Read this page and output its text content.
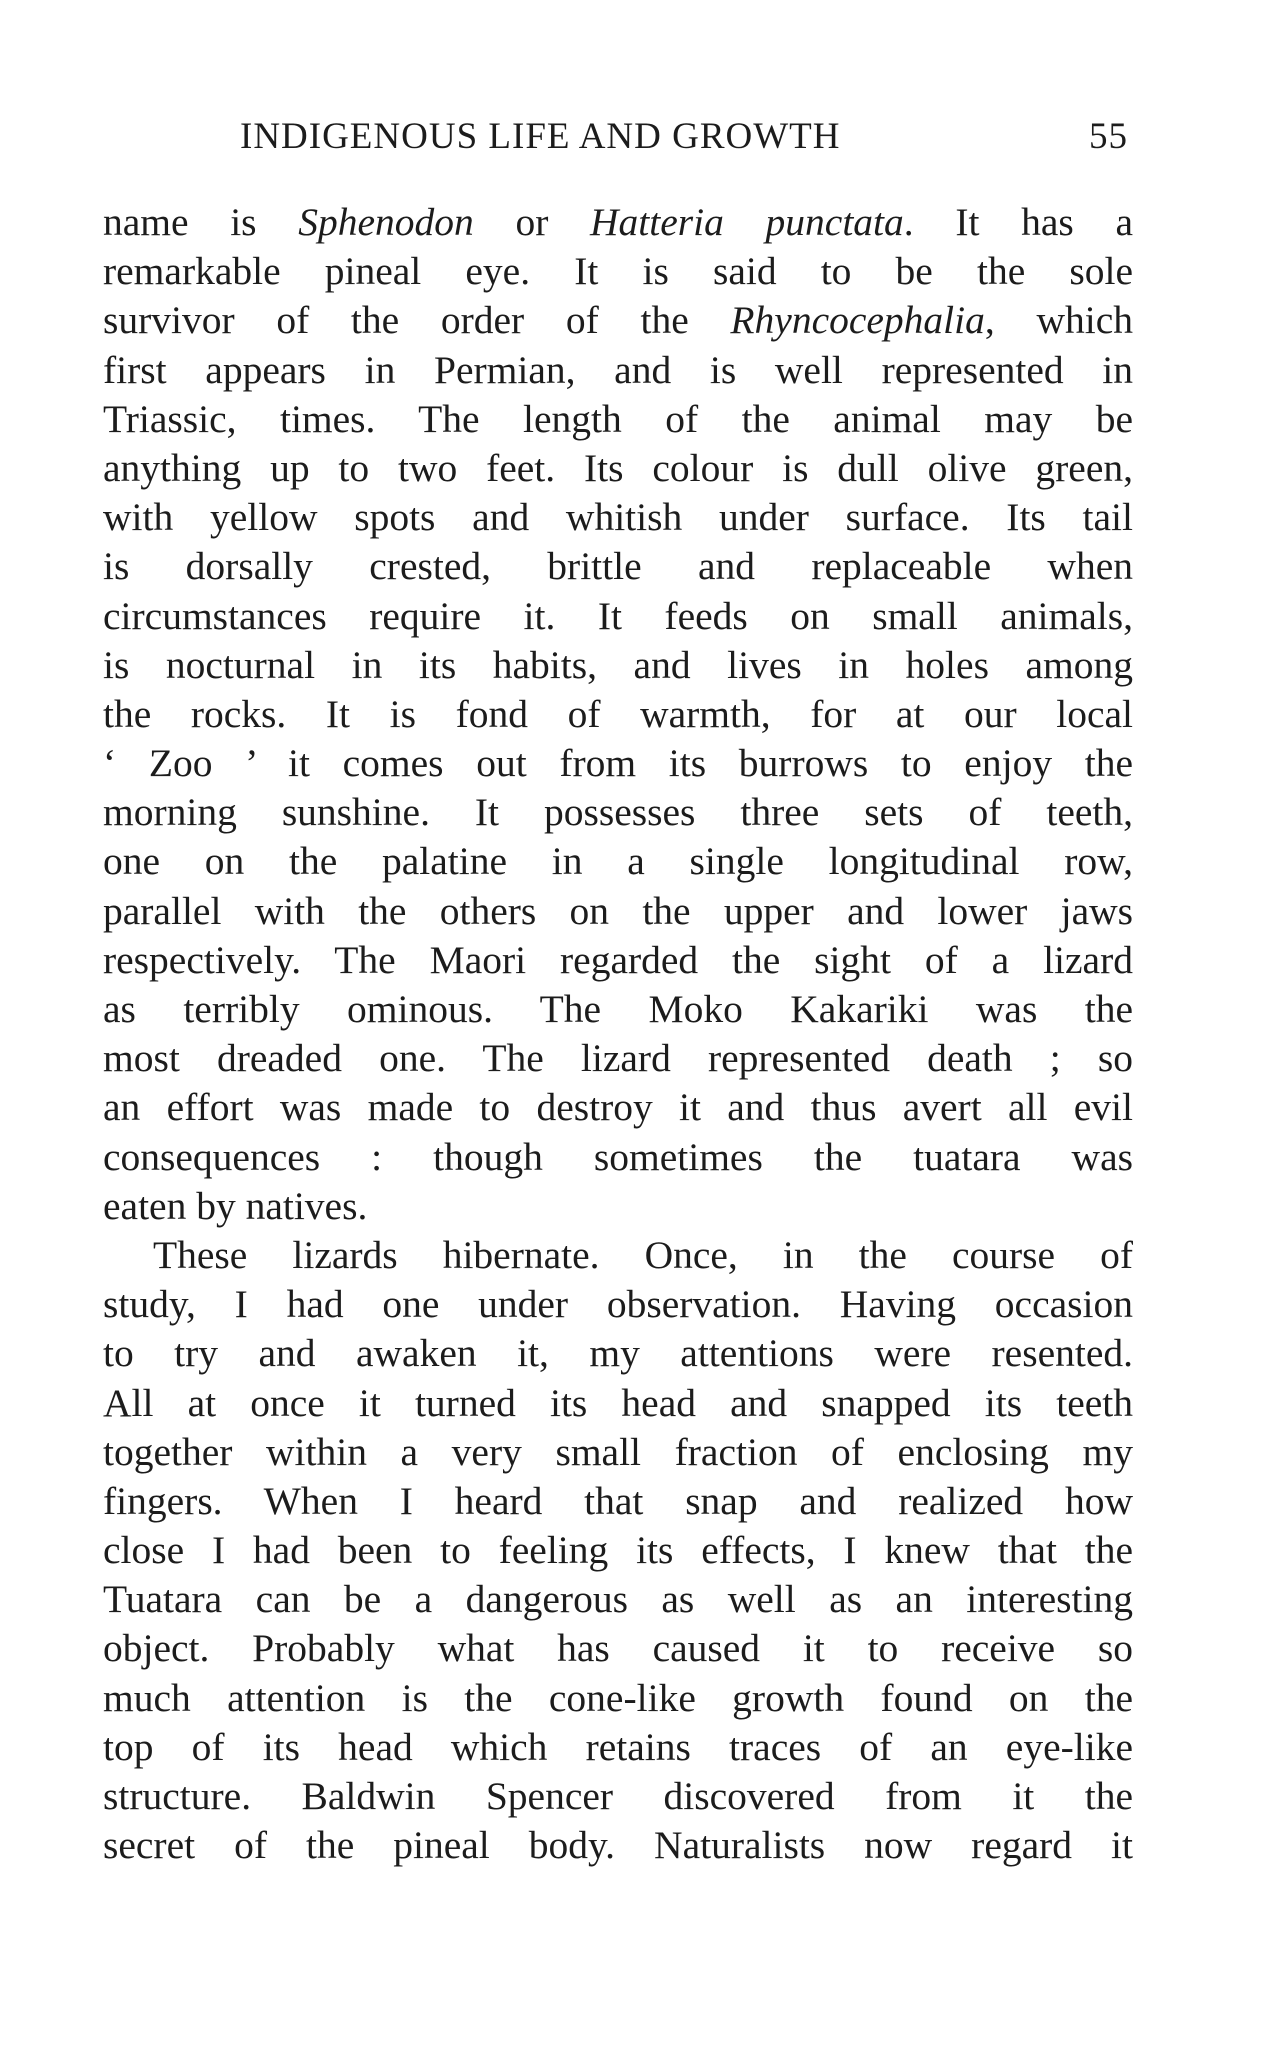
INDIGENOUS LIFE AND GROWTH	55
name is Sphenodon or Hatteria punctata. It has a
remarkable pineal eye. It is said to be the sole
survivor of the order of the Rhyncocephalia, which
first appears in Permian, and is well represented in
Triassic, times. The length of the animal may be
anything up to two feet. Its colour is dull olive green,
with yellow spots and whitish under surface. Its tail
is dorsally crested, brittle and replaceable when
circumstances require it. It feeds on small animals,
is nocturnal in its habits, and lives in holes among
the rocks. It is fond of warmth, for at our local
‘ Zoo ’ it comes out from its burrows to enjoy the
morning sunshine. It possesses three sets of teeth,
one on the palatine in a single longitudinal row,
parallel with the others on the upper and lower jaws
respectively. The Maori regarded the sight of a lizard
as terribly ominous. The Moko Kakariki was the
most dreaded one. The lizard represented death ; so
an effort was made to destroy it and thus avert all evil
consequences : though sometimes the tuatara was
eaten by natives.
These lizards hibernate. Once, in the course of
study, I had one under observation. Having occasion
to try and awaken it, my attentions were resented.
All at once it turned its head and snapped its teeth
together within a very small fraction of enclosing my
fingers. When I heard that snap and realized how
close I had been to feeling its effects, I knew that the
Tuatara can be a dangerous as well as an interesting
object. Probably what has caused it to receive so
much attention is the cone-like growth found on the
top of its head which retains traces of an eye-like
structure. Baldwin Spencer discovered from it the
secret of the pineal body. Naturalists now regard it
